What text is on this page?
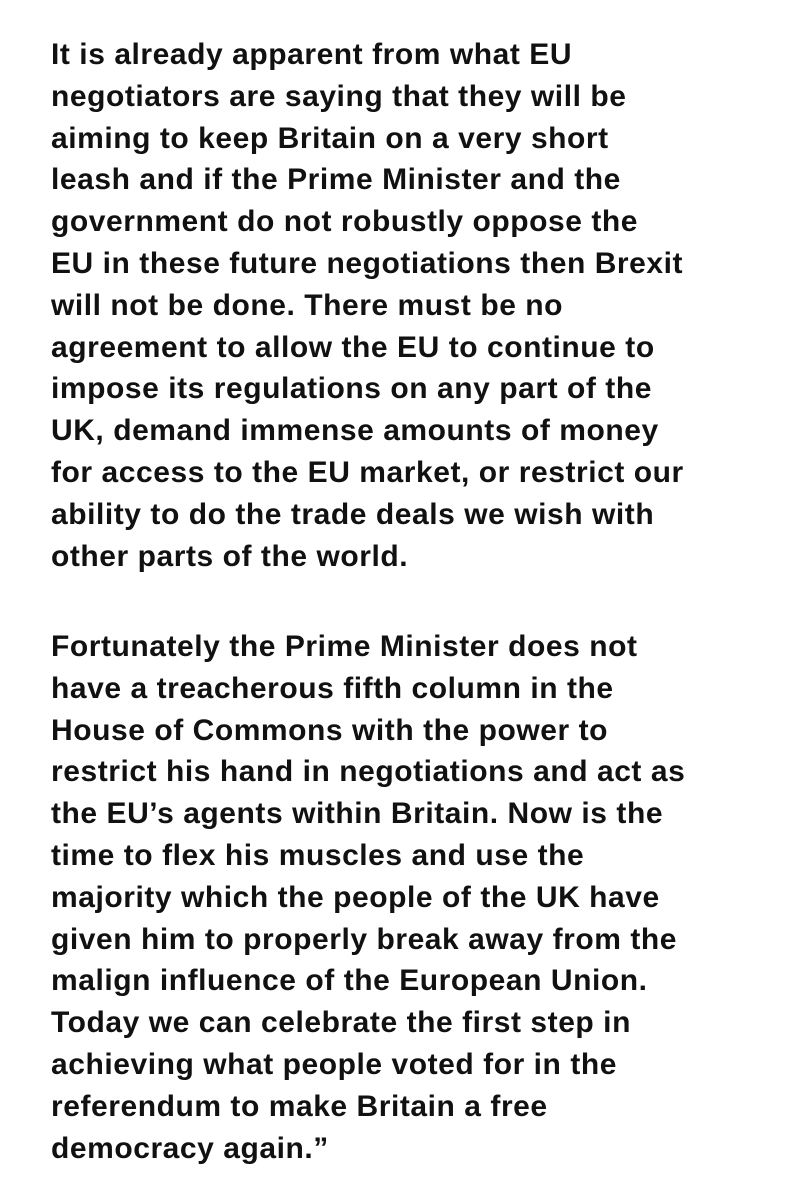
It is already apparent from what EU
negotiators are saying that they will be
aiming to keep Britain on a very short
leash and if the Prime Minister and the
government do not robustly oppose the
EU in these future negotiations then Brexit
will not be done. There must be no
agreement to allow the EU to continue to
impose its regulations on any part of the
UK, demand immense amounts of money
for access to the EU market, or restrict our
ability to do the trade deals we wish with
other parts of the world.
Fortunately the Prime Minister does not
have a treacherous fifth column in the
House of Commons with the power to
restrict his hand in negotiations and act as
the EU’s agents within Britain. Now is the
time to flex his muscles and use the
majority which the people of the UK have
given him to properly break away from the
malign influence of the European Union.
Today we can celebrate the first step in
achieving what people voted for in the
referendum to make Britain a free
democracy again.”
